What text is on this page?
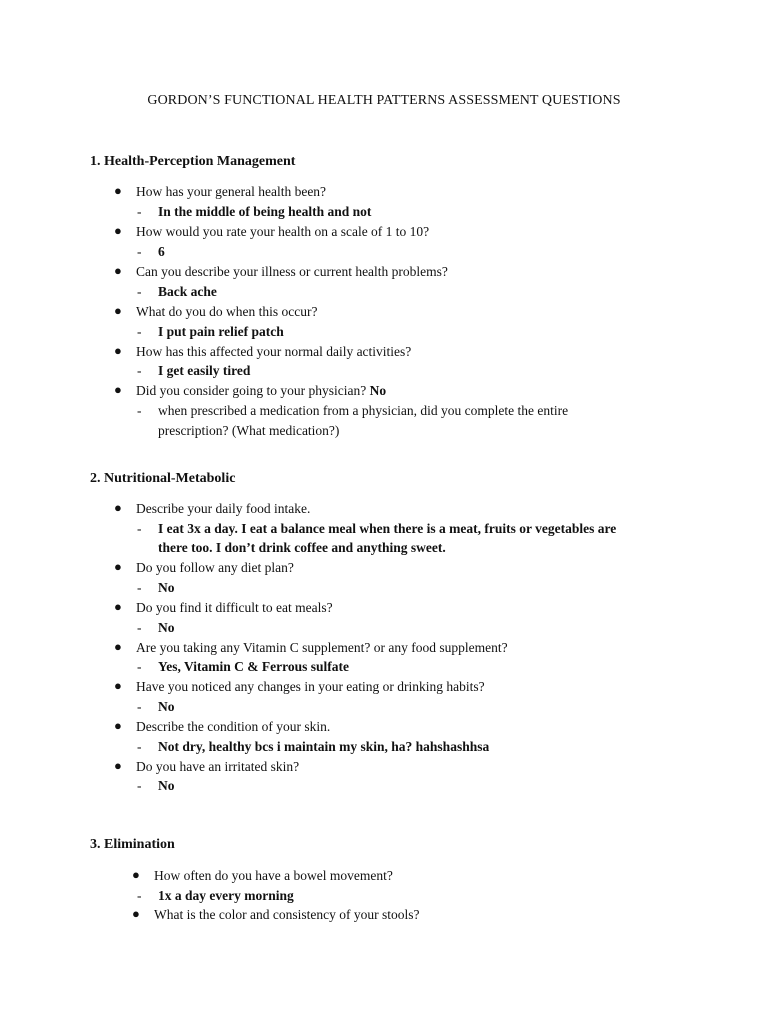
GORDON’S FUNCTIONAL HEALTH PATTERNS ASSESSMENT QUESTIONS
1. Health-Perception Management
● How has your general health been?
- In the middle of being health and not
● How would you rate your health on a scale of 1 to 10?
- 6
● Can you describe your illness or current health problems?
- Back ache
● What do you do when this occur?
- I put pain relief patch
● How has this affected your normal daily activities?
- I get easily tired
● Did you consider going to your physician? No
- when prescribed a medication from a physician, did you complete the entire
prescription? (What medication?)
2. Nutritional-Metabolic
● Describe your daily food intake.
- I eat 3x a day. I eat a balance meal when there is a meat, fruits or vegetables are
there too. I don’t drink coffee and anything sweet.
● Do you follow any diet plan?
- No
● Do you find it difficult to eat meals?
- No
● Are you taking any Vitamin C supplement? or any food supplement?
- Yes, Vitamin C & Ferrous sulfate
● Have you noticed any changes in your eating or drinking habits?
- No
● Describe the condition of your skin.
- Not dry, healthy bcs i maintain my skin, ha? hahshashhsa
● Do you have an irritated skin?
- No
3. Elimination
● How often do you have a bowel movement?
- 1x a day every morning
● What is the color and consistency of your stools?
